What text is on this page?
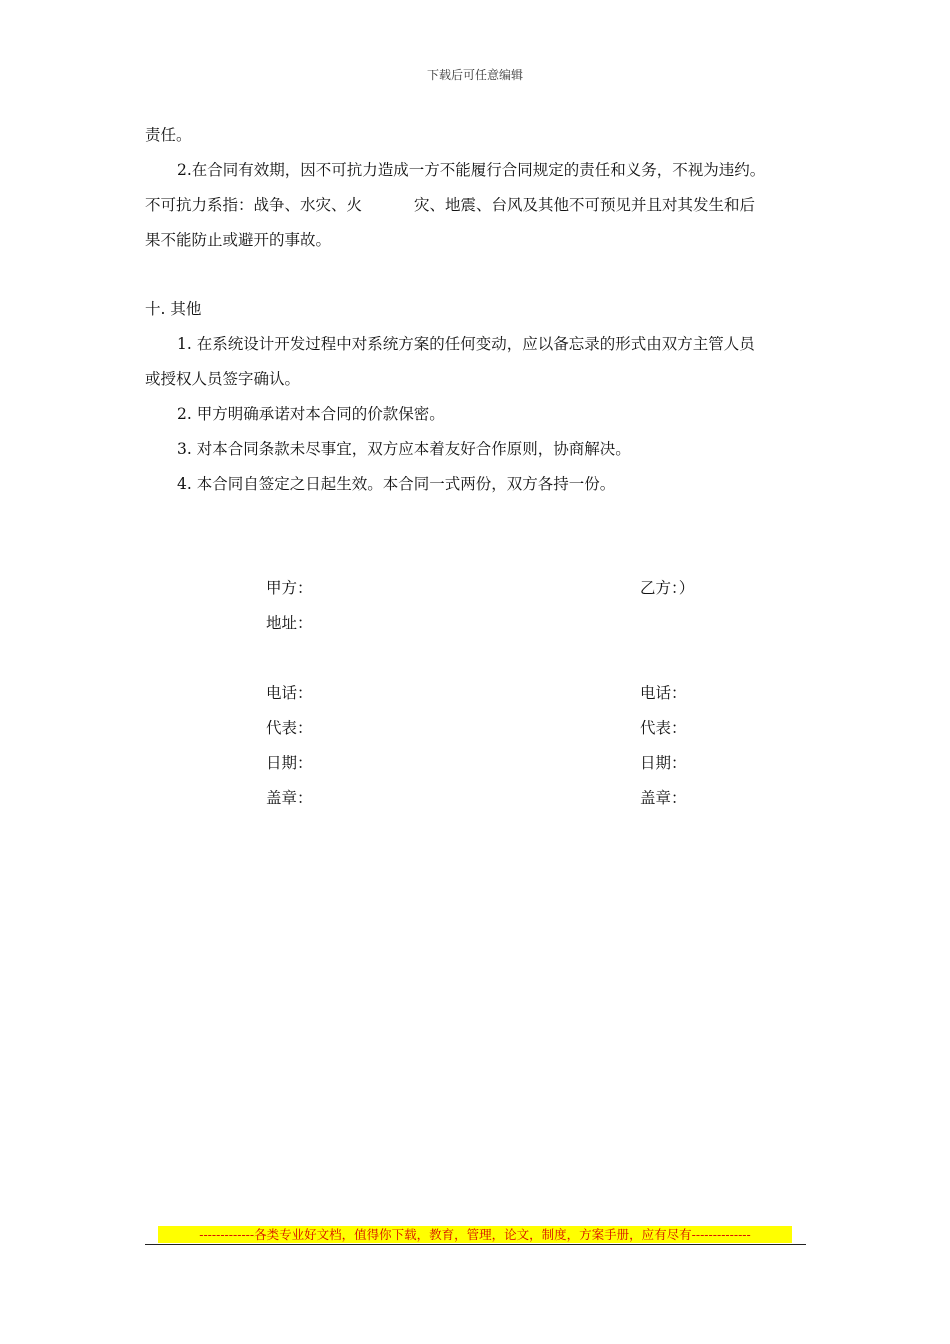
下载后可任意编辑
责任。
2.在合同有效期，因不可抗力造成一方不能履行合同规定的责任和义务，不视为违约。
不可抗力系指：战争、水灾、火	灾、地震、台风及其他不可预见并且对其发生和后
果不能防止或避开的事故。
十. 其他
1. 在系统设计开发过程中对系统方案的任何变动，应以备忘录的形式由双方主管人员
或授权人员签字确认。
2. 甲方明确承诺对本合同的价款保密。
3. 对本合同条款未尽事宜，双方应本着友好合作原则，协商解决。
4. 本合同自签定之日起生效。本合同一式两份，双方各持一份。
甲方：
地址：
电话：
代表：
日期：
盖章：
乙方：）
电话：
代表：
日期：
盖章：
-------------各类专业好文档，值得你下载，教育，管理，论文，制度，方案手册，应有尽有--------------
